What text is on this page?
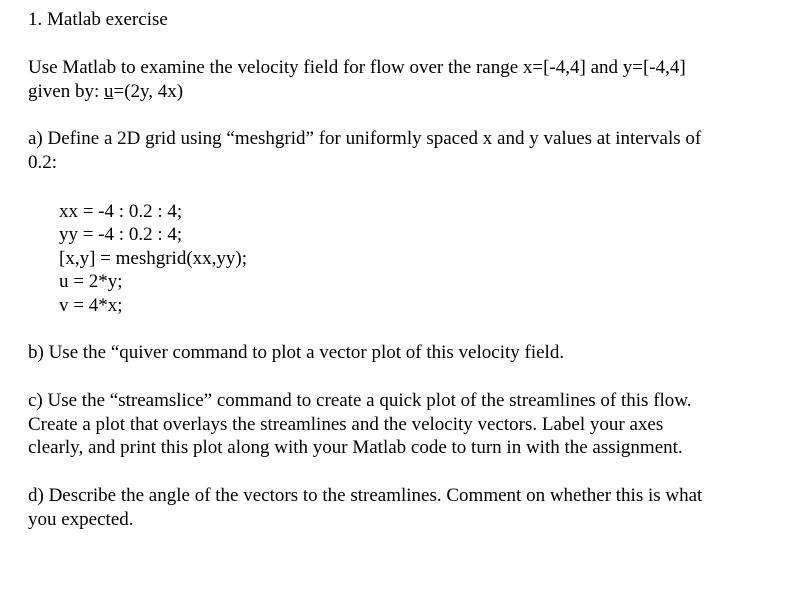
1. Matlab exercise
Use Matlab to examine the velocity field for flow over the range x=[-4,4] and y=[-4,4]
given by: u=(2y, 4x)
a) Define a 2D grid using “meshgrid” for uniformly spaced x and y values at intervals of
0.2:
xx = -4 : 0.2 : 4;
yy = -4 : 0.2 : 4;
[x,y] = meshgrid(xx,yy);
u = 2*y;
v = 4*x;
b) Use the “quiver command to plot a vector plot of this velocity field.
c) Use the “streamslice” command to create a quick plot of the streamlines of this flow.
Create a plot that overlays the streamlines and the velocity vectors. Label your axes
clearly, and print this plot along with your Matlab code to turn in with the assignment.
d) Describe the angle of the vectors to the streamlines. Comment on whether this is what
you expected.
